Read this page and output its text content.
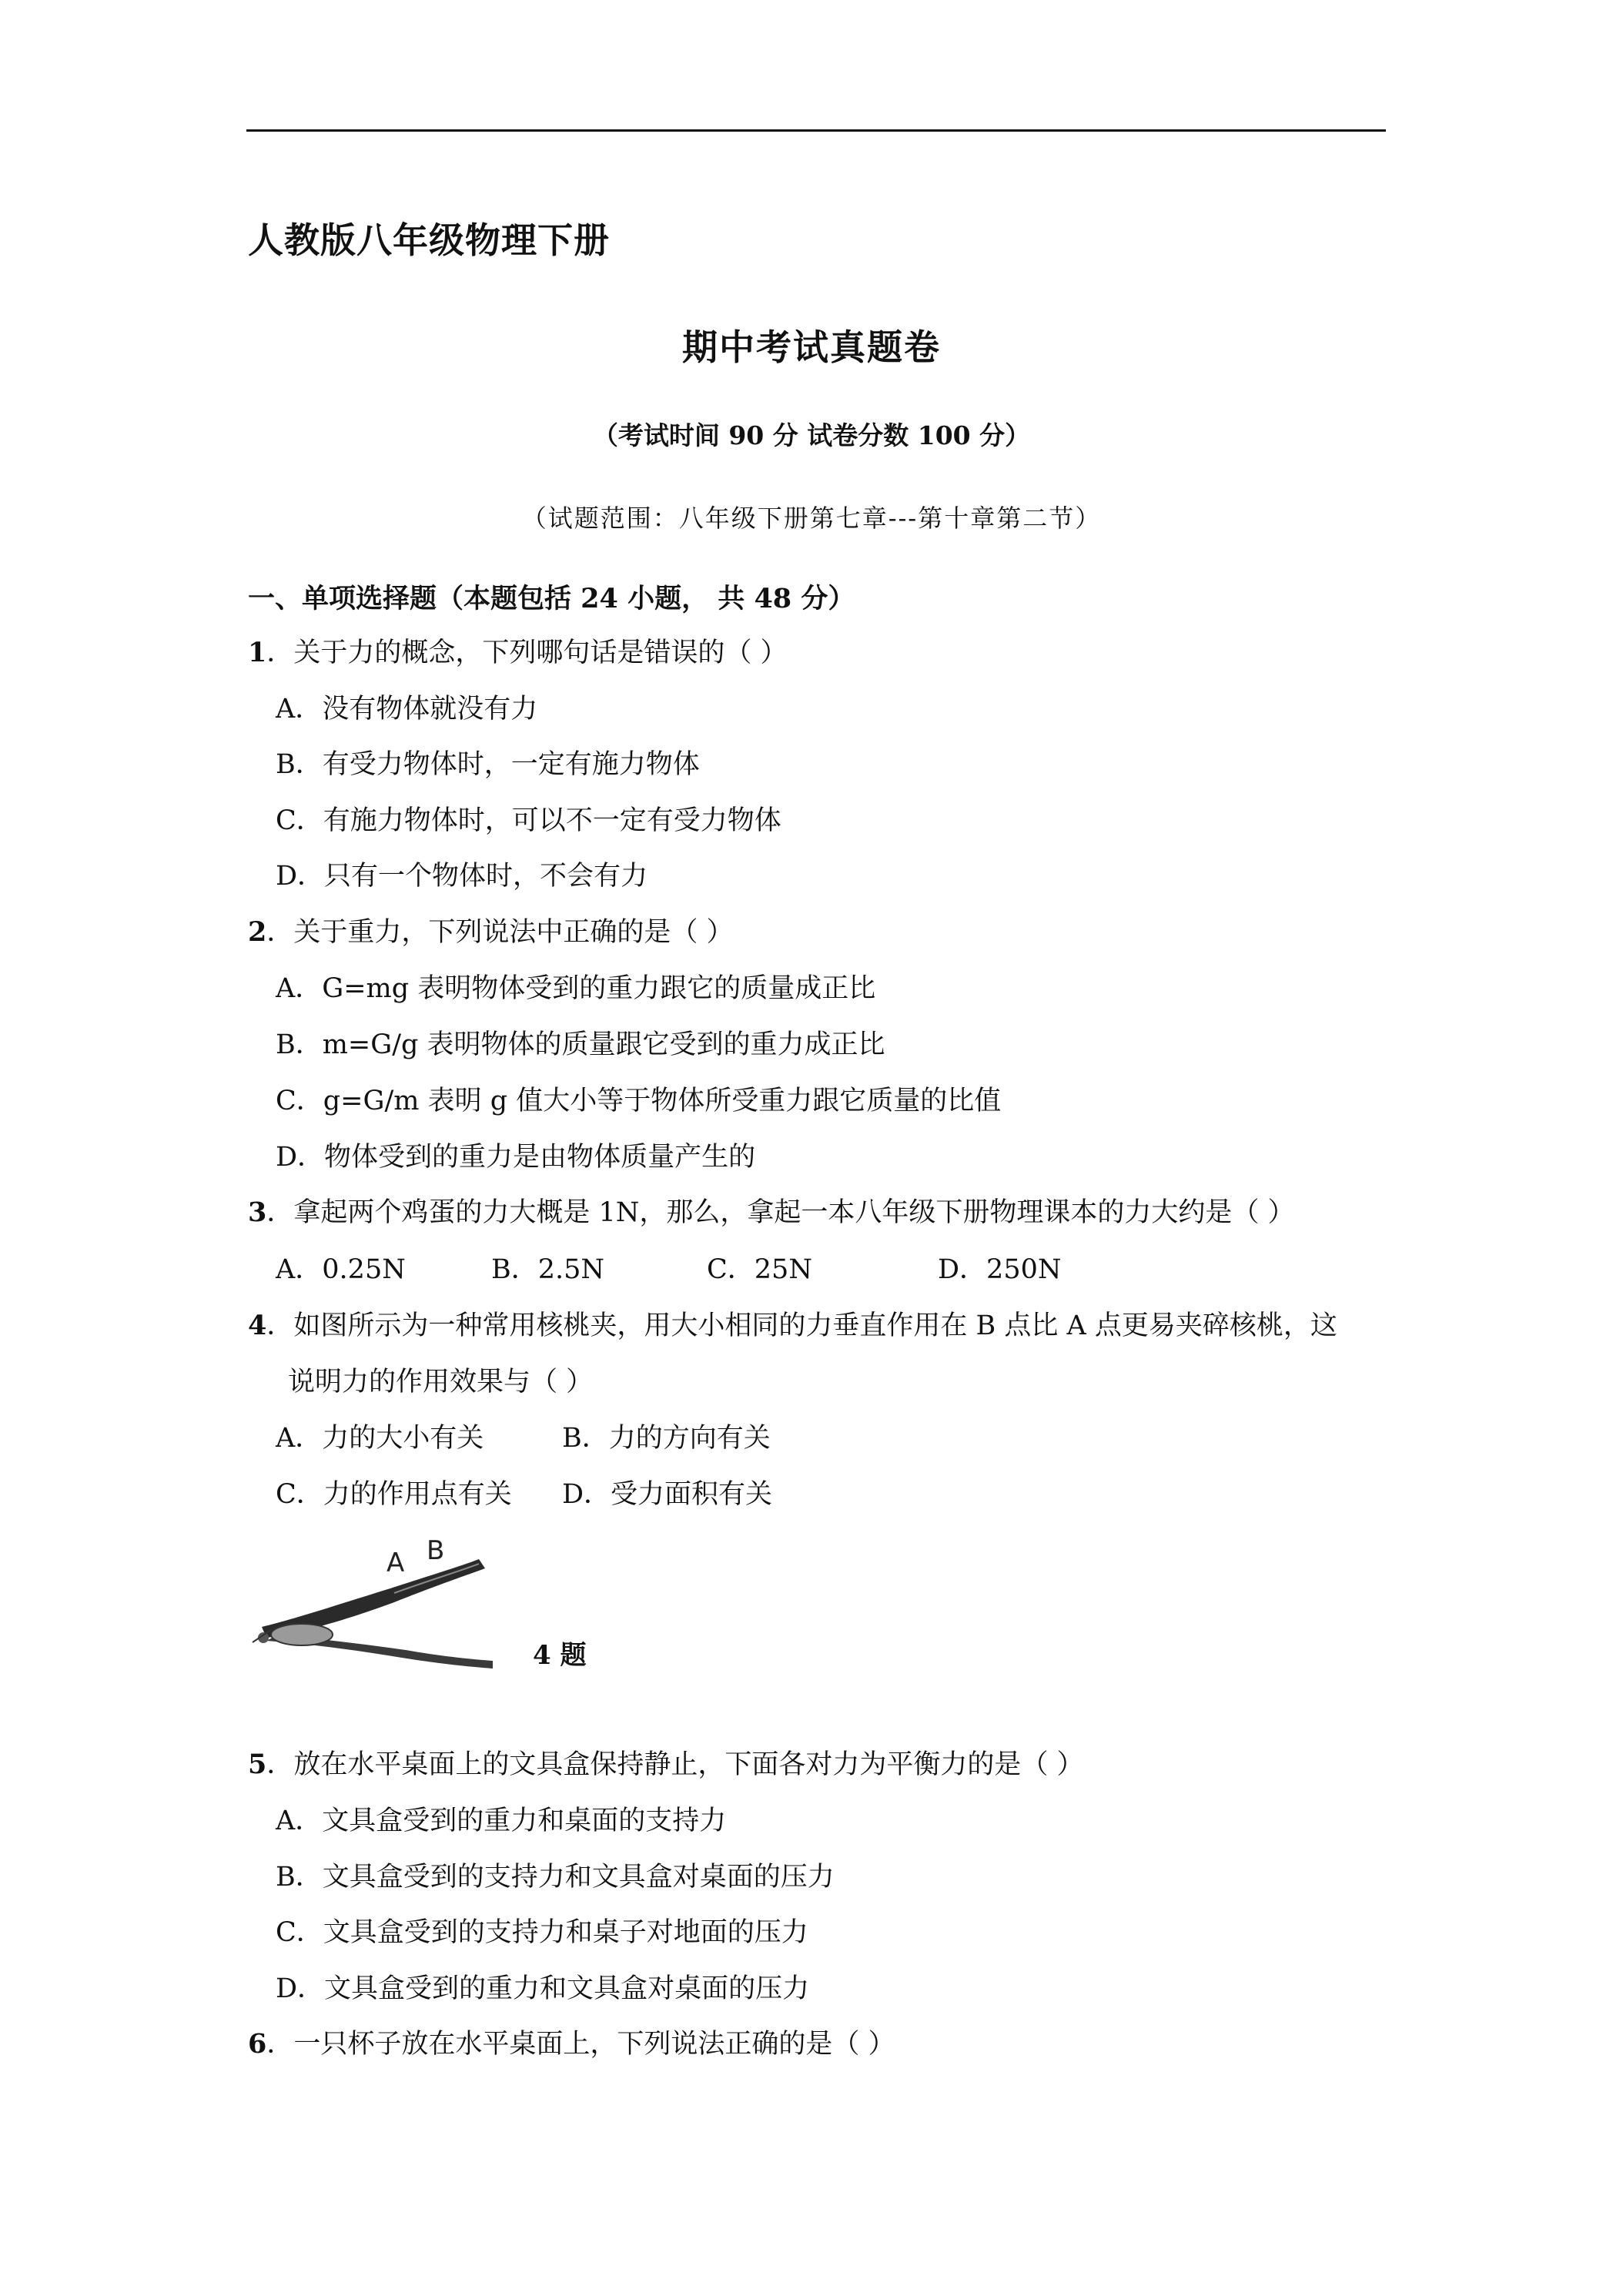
人教版八年级物理下册
期中考试真题卷
（考试时间 90 分 试卷分数 100 分）
（试题范围：八年级下册第七章---第十章第二节）
一、单项选择题（本题包括 24 小题， 共 48 分）
1．关于力的概念，下列哪句话是错误的（ ）
A．没有物体就没有力
B．有受力物体时，一定有施力物体
C．有施力物体时，可以不一定有受力物体
D．只有一个物体时，不会有力
2．关于重力，下列说法中正确的是（ ）
A．G=mg 表明物体受到的重力跟它的质量成正比
B．m=G/g 表明物体的质量跟它受到的重力成正比
C．g=G/m 表明 g 值大小等于物体所受重力跟它质量的比值
D．物体受到的重力是由物体质量产生的
3．拿起两个鸡蛋的力大概是 1N，那么，拿起一本八年级下册物理课本的力大约是（ ）
A．0.25N	B．2.5N	C．25N	D．250N
4．如图所示为一种常用核桃夹，用大小相同的力垂直作用在 B 点比 A 点更易夹碎核桃，这
说明力的作用效果与（ ）
A．力的大小有关	B．力的方向有关
C．力的作用点有关 D．受力面积有关
A B
4 题
5．放在水平桌面上的文具盒保持静止，下面各对力为平衡力的是（ ）
A．文具盒受到的重力和桌面的支持力
B．文具盒受到的支持力和文具盒对桌面的压力
C．文具盒受到的支持力和桌子对地面的压力
D．文具盒受到的重力和文具盒对桌面的压力
6．一只杯子放在水平桌面上，下列说法正确的是（ ）
